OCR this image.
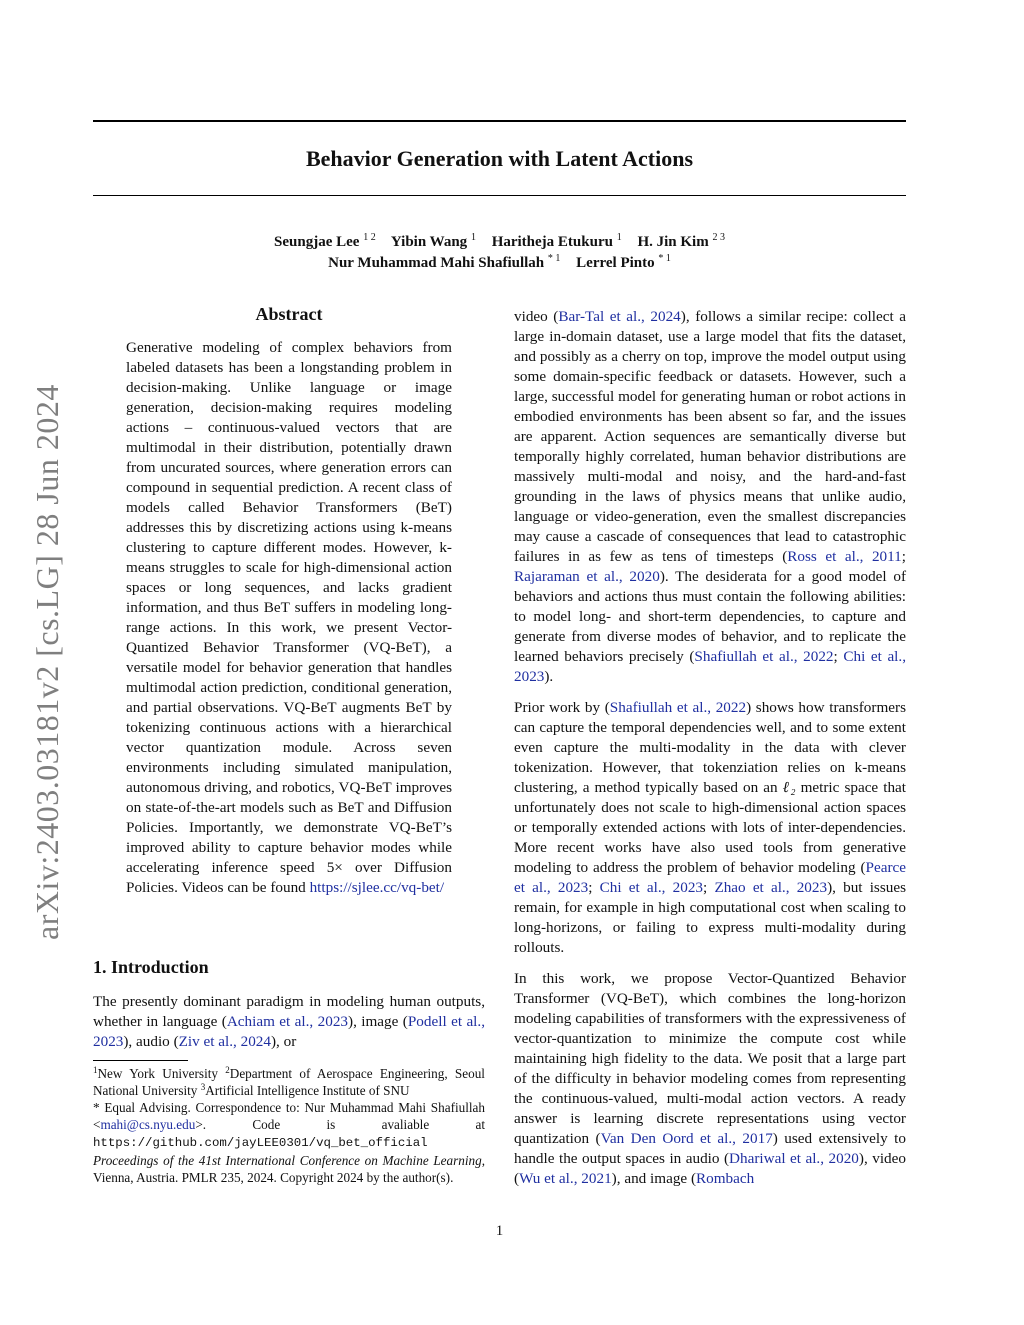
Behavior Generation with Latent Actions
Seungjae Lee $^{1 2}$ Yibin Wang $^1$ Haritheja Etukuru $^1$ H. Jin Kim $^{2 3}$
Nur Muhammad Mahi Shafiullah $^{* 1}$ Lerrel Pinto $^{* 1}$
arXiv:2403.03181v2 [cs.LG] 28 Jun 2024
Abstract

Generative modeling of complex behaviors from labeled datasets has been a longstanding problem in decision-making. Unlike language or image generation, decision-making requires modeling actions – continuous-valued vectors that are multimodal in their distribution, potentially drawn from uncurated sources, where generation errors can compound in sequential prediction. A recent class of models called Behavior Transformers (BeT) addresses this by discretizing actions using k-means clustering to capture different modes. However, k-means struggles to scale for high-dimensional action spaces or long sequences, and lacks gradient information, and thus BeT suffers in modeling long-range actions. In this work, we present Vector-Quantized Behavior Transformer (VQ-BeT), a versatile model for behavior generation that handles multimodal action prediction, conditional generation, and partial observations. VQ-BeT augments BeT by tokenizing continuous actions with a hierarchical vector quantization module. Across seven environments including simulated manipulation, autonomous driving, and robotics, VQ-BeT improves on state-of-the-art models such as BeT and Diffusion Policies. Importantly, we demonstrate VQ-BeT’s improved ability to capture behavior modes while accelerating inference speed 5× over Diffusion Policies. Videos can be found https://sjlee.cc/vq-bet/

1. Introduction

The presently dominant paradigm in modeling human outputs, whether in language (Achiam et al., 2023), image (Podell et al., 2023), audio (Ziv et al., 2024), or

$^1$New York University $^2$Department of Aerospace Engineering, Seoul National University $^3$Artificial Intelligence Institute of SNU
* Equal Advising. Correspondence to: Nur Muhammad Mahi Shafiullah <mahi@cs.nyu.edu>. Code is avaliable at https://github.com/jayLEE0301/vq_bet_official
Proceedings of the 41st International Conference on Machine Learning, Vienna, Austria. PMLR 235, 2024. Copyright 2024 by the author(s).

video (Bar-Tal et al., 2024), follows a similar recipe: collect a large in-domain dataset, use a large model that fits the dataset, and possibly as a cherry on top, improve the model output using some domain-specific feedback or datasets. However, such a large, successful model for generating human or robot actions in embodied environments has been absent so far, and the issues are apparent. Action sequences are semantically diverse but temporally highly correlated, human behavior distributions are massively multi-modal and noisy, and the hard-and-fast grounding in the laws of physics means that unlike audio, language or video-generation, even the smallest discrepancies may cause a cascade of consequences that lead to catastrophic failures in as few as tens of timesteps (Ross et al., 2011; Rajaraman et al., 2020). The desiderata for a good model of behaviors and actions thus must contain the following abilities: to model long- and short-term dependencies, to capture and generate from diverse modes of behavior, and to replicate the learned behaviors precisely (Shafiullah et al., 2022; Chi et al., 2023).

Prior work by (Shafiullah et al., 2022) shows how transformers can capture the temporal dependencies well, and to some extent even capture the multi-modality in the data with clever tokenization. However, that tokenziation relies on k-means clustering, a method typically based on an ℓ₂ metric space that unfortunately does not scale to high-dimensional action spaces or temporally extended actions with lots of inter-dependencies. More recent works have also used tools from generative modeling to address the problem of behavior modeling (Pearce et al., 2023; Chi et al., 2023; Zhao et al., 2023), but issues remain, for example in high computational cost when scaling to long-horizons, or failing to express multi-modality during rollouts.

In this work, we propose Vector-Quantized Behavior Transformer (VQ-BeT), which combines the long-horizon modeling capabilities of transformers with the expressiveness of vector-quantization to minimize the compute cost while maintaining high fidelity to the data. We posit that a large part of the difficulty in behavior modeling comes from representing the continuous-valued, multi-modal action vectors. A ready answer is learning discrete representations using vector quantization (Van Den Oord et al., 2017) used extensively to handle the output spaces in audio (Dhariwal et al., 2020), video (Wu et al., 2021), and image (Rombach

1
